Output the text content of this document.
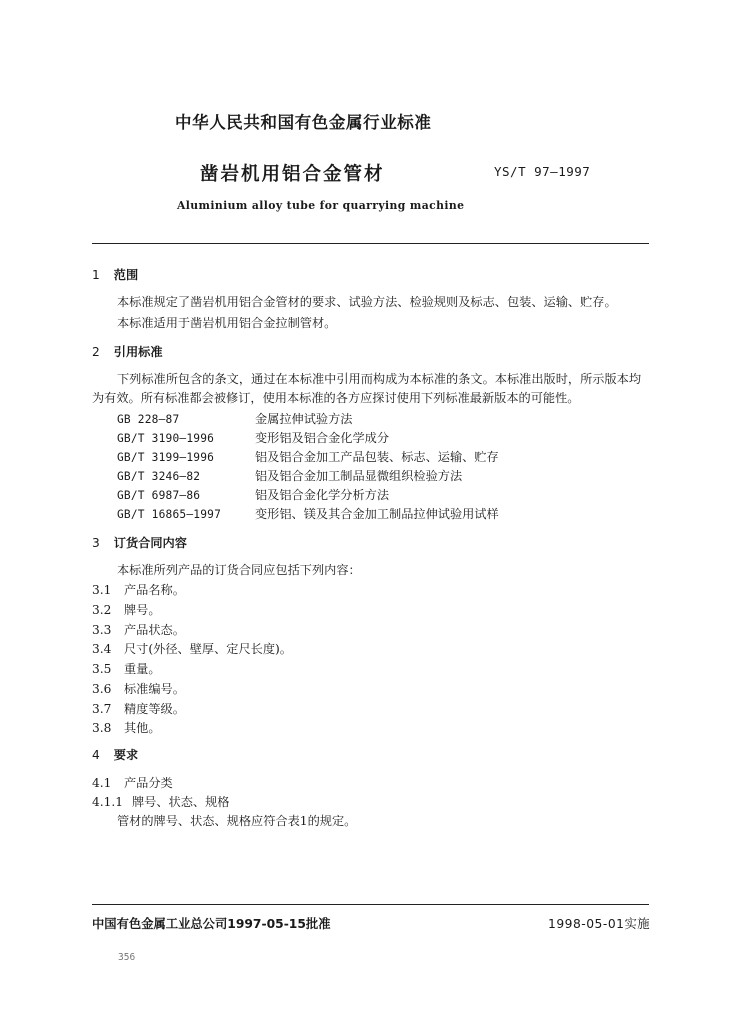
中华人民共和国有色金属行业标准
凿岩机用铝合金管材	YS/T 97—1997
Aluminium alloy tube for quarrying machine
1 范围
本标准规定了凿岩机用铝合金管材的要求、试验方法、检验规则及标志、包装、运输、贮存。
本标准适用于凿岩机用铝合金拉制管材。
2 引用标准
下列标准所包含的条文，通过在本标准中引用而构成为本标准的条文。本标准出版时，所示版本均
为有效。所有标准都会被修订，使用本标准的各方应探讨使用下列标准最新版本的可能性。
GB 228—87	金属拉伸试验方法
GB/T 3190—1996	变形铝及铝合金化学成分
GB/T 3199—1996	铝及铝合金加工产品包装、标志、运输、贮存
GB/T 3246—82	铝及铝合金加工制品显微组织检验方法
GB/T 6987—86	铝及铝合金化学分析方法
GB/T 16865—1997	变形铝、镁及其合金加工制品拉伸试验用试样
3 订货合同内容
本标准所列产品的订货合同应包括下列内容：
3.1 产品名称。
3.2 牌号。
3.3 产品状态。
3.4 尺寸(外径、壁厚、定尺长度)。
3.5 重量。
3.6 标准编号。
3.7 精度等级。
3.8 其他。
4 要求
4.1 产品分类
4.1.1 牌号、状态、规格
管材的牌号、状态、规格应符合表1的规定。
中国有色金属工业总公司1997-05-15批准	1998-05-01实施
356
